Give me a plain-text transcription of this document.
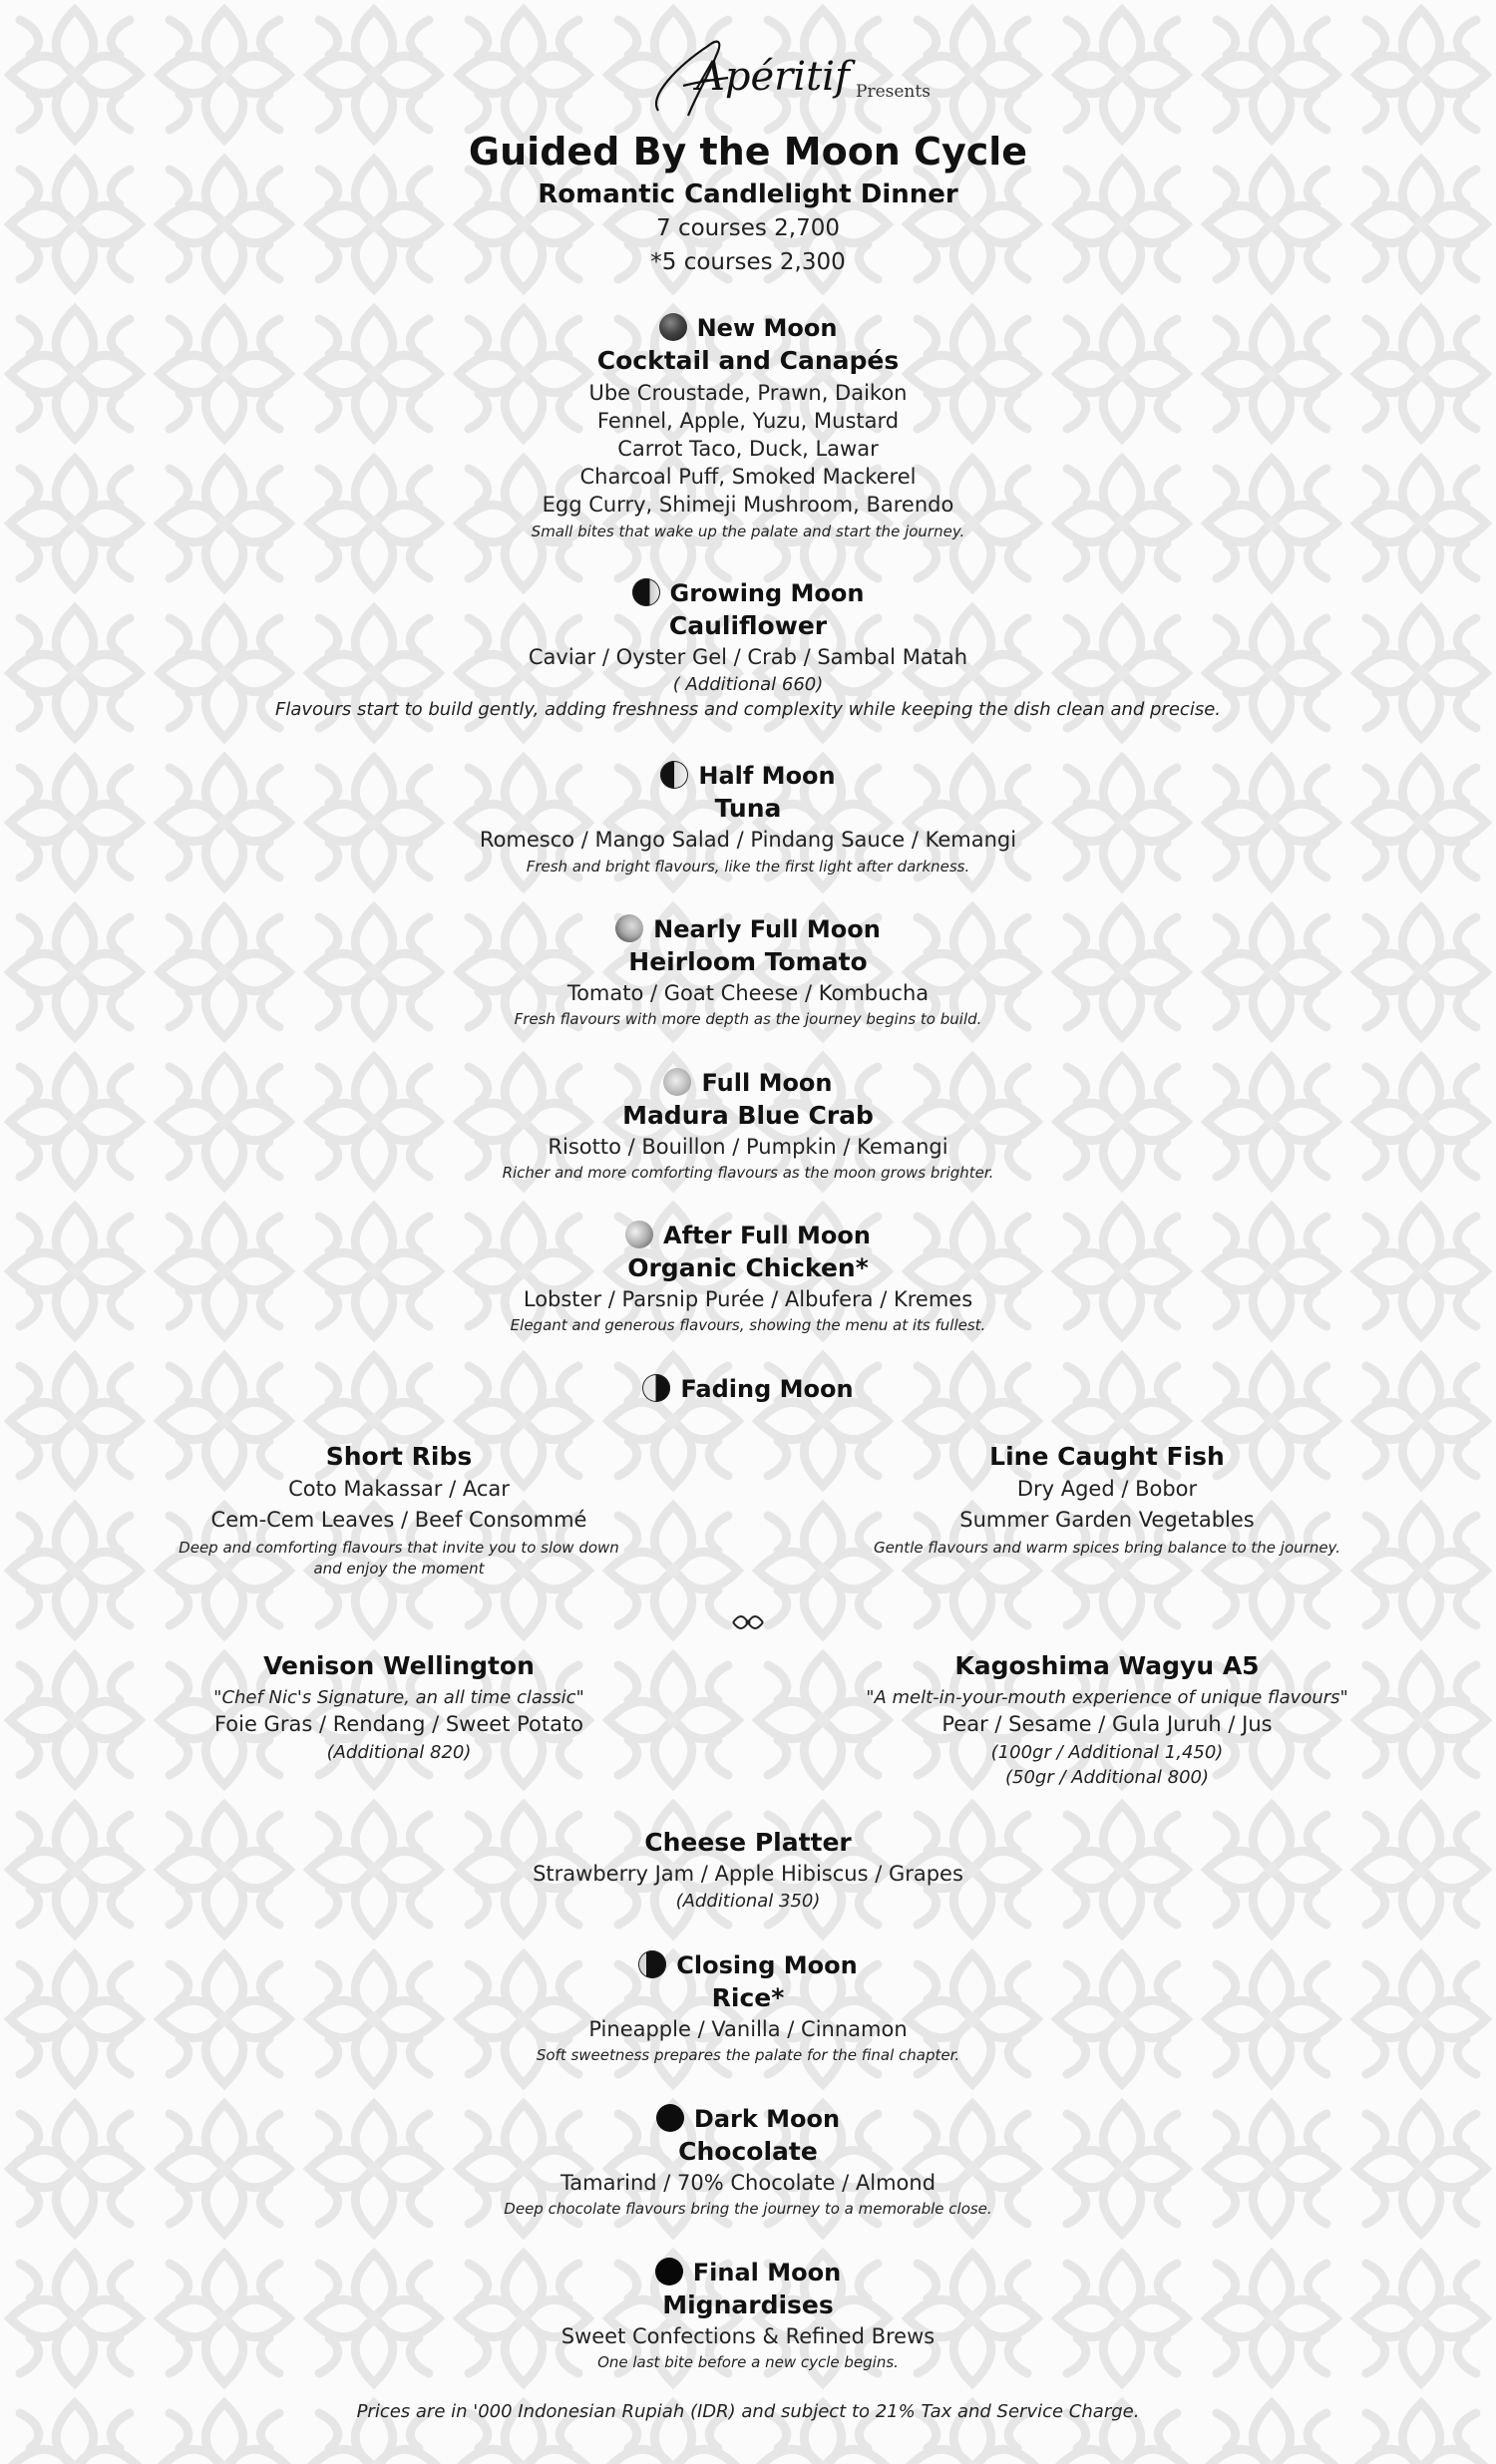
Apéritif Presents
Guided By the Moon Cycle
Romantic Candlelight Dinner
7 courses 2,700
*5 courses 2,300
New Moon
Cocktail and Canapés
Ube Croustade, Prawn, Daikon
Fennel, Apple, Yuzu, Mustard
Carrot Taco, Duck, Lawar
Charcoal Puff, Smoked Mackerel
Egg Curry, Shimeji Mushroom, Barendo
Small bites that wake up the palate and start the journey.
Growing Moon
Cauliflower
Caviar / Oyster Gel / Crab / Sambal Matah
( Additional 660)
Flavours start to build gently, adding freshness and complexity while keeping the dish clean and precise.
Half Moon
Tuna
Romesco / Mango Salad / Pindang Sauce / Kemangi
Fresh and bright flavours, like the first light after darkness.
Nearly Full Moon
Heirloom Tomato
Tomato / Goat Cheese / Kombucha
Fresh flavours with more depth as the journey begins to build.
Full Moon
Madura Blue Crab
Risotto / Bouillon / Pumpkin / Kemangi
Richer and more comforting flavours as the moon grows brighter.
After Full Moon
Organic Chicken*
Lobster / Parsnip Purée / Albufera / Kremes
Elegant and generous flavours, showing the menu at its fullest.
Fading Moon
Short Ribs
Coto Makassar / Acar
Cem-Cem Leaves / Beef Consommé
Deep and comforting flavours that invite you to slow down
and enjoy the moment
Line Caught Fish
Dry Aged / Bobor
Summer Garden Vegetables
Gentle flavours and warm spices bring balance to the journey.
Venison Wellington
"Chef Nic's Signature, an all time classic"
Foie Gras / Rendang / Sweet Potato
(Additional 820)
Kagoshima Wagyu A5
"A melt-in-your-mouth experience of unique flavours"
Pear / Sesame / Gula Juruh / Jus
(100gr / Additional 1,450)
(50gr / Additional 800)
Cheese Platter
Strawberry Jam / Apple Hibiscus / Grapes
(Additional 350)
Closing Moon
Rice*
Pineapple / Vanilla / Cinnamon
Soft sweetness prepares the palate for the final chapter.
Dark Moon
Chocolate
Tamarind / 70% Chocolate / Almond
Deep chocolate flavours bring the journey to a memorable close.
Final Moon
Mignardises
Sweet Confections & Refined Brews
One last bite before a new cycle begins.
Prices are in '000 Indonesian Rupiah (IDR) and subject to 21% Tax and Service Charge.
